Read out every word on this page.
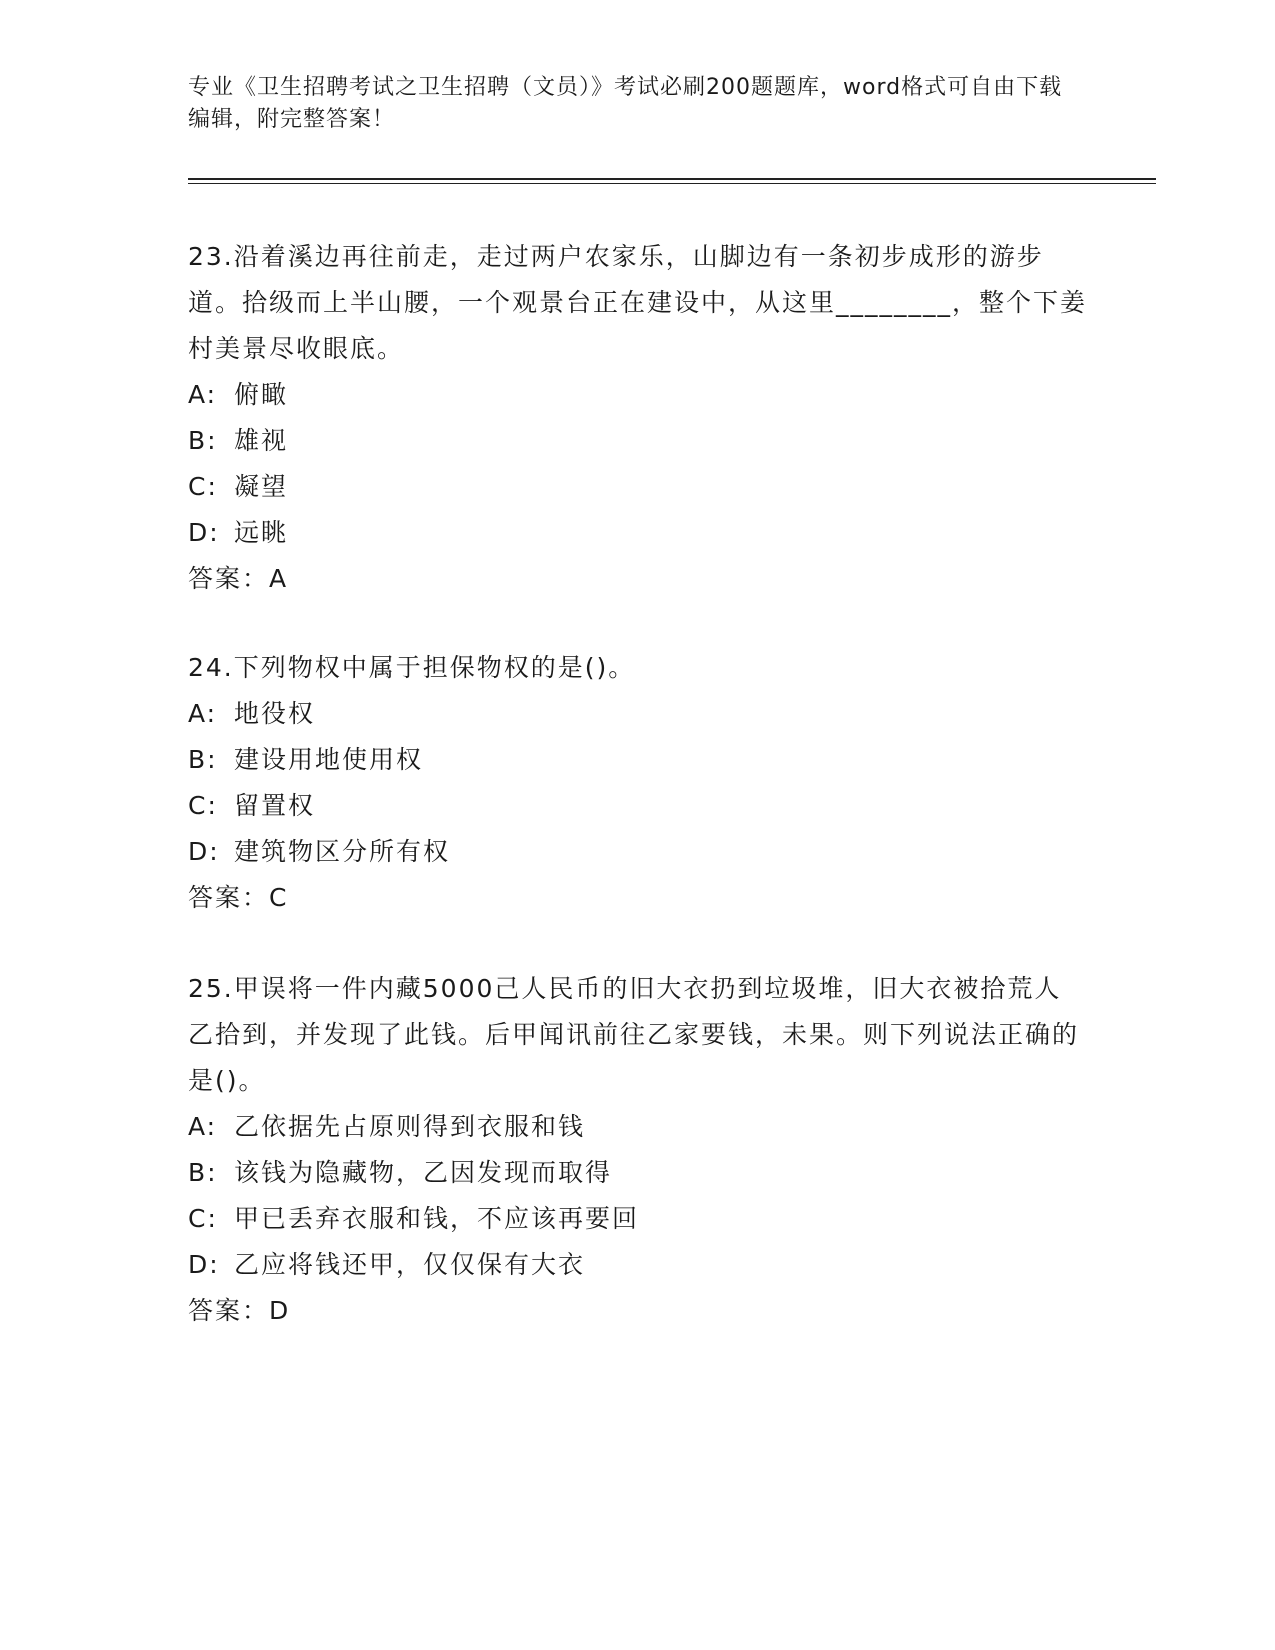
专业《卫生招聘考试之卫生招聘（文员）》考试必刷200题题库，word格式可自由下载编辑，附完整答案！
23.沿着溪边再往前走，走过两户农家乐，山脚边有一条初步成形的游步道。拾级而上半山腰，一个观景台正在建设中，从这里________，整个下姜村美景尽收眼底。
A: 俯瞰
B: 雄视
C: 凝望
D: 远眺
答案：A
24.下列物权中属于担保物权的是()。
A: 地役权
B: 建设用地使用权
C: 留置权
D: 建筑物区分所有权
答案：C
25.甲误将一件内藏5000己人民币的旧大衣扔到垃圾堆，旧大衣被拾荒人乙拾到，并发现了此钱。后甲闻讯前往乙家要钱，未果。则下列说法正确的是()。
A: 乙依据先占原则得到衣服和钱
B: 该钱为隐藏物，乙因发现而取得
C: 甲已丢弃衣服和钱，不应该再要回
D: 乙应将钱还甲，仅仅保有大衣
答案：D
